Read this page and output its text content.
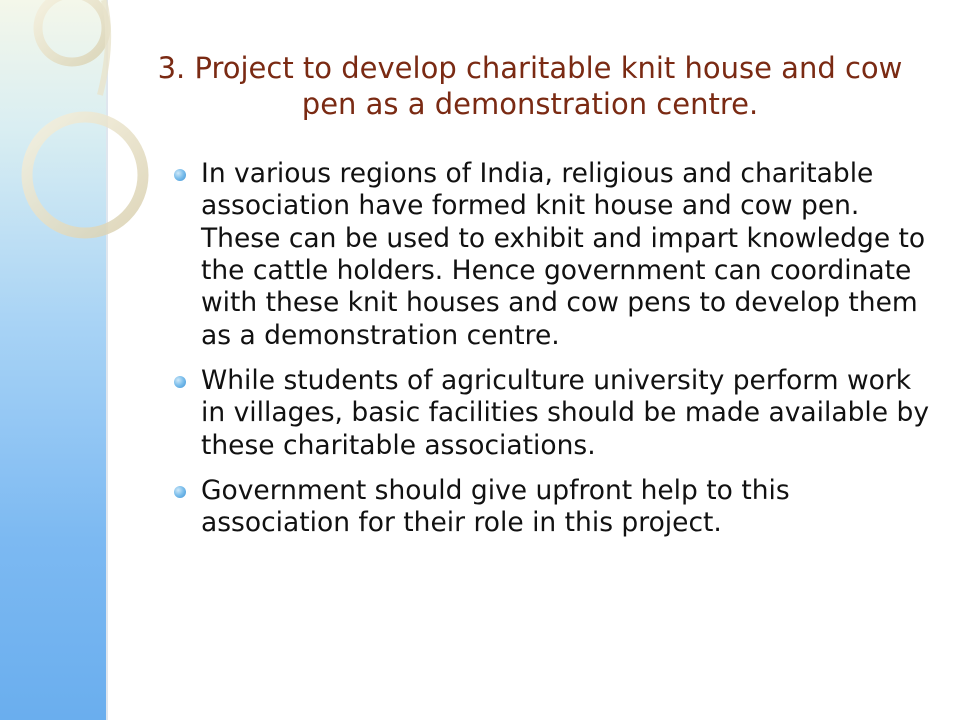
3. Project to develop charitable knit house and cow pen as a demonstration centre.
In various regions of India, religious and charitable association have formed knit house and cow pen. These can be used to exhibit and impart knowledge to the cattle holders. Hence government can coordinate with these knit houses and cow pens to develop them as a demonstration centre.
While students of agriculture university perform work in villages, basic facilities should be made available by these charitable associations.
Government should give upfront help to this association for their role in this project.
